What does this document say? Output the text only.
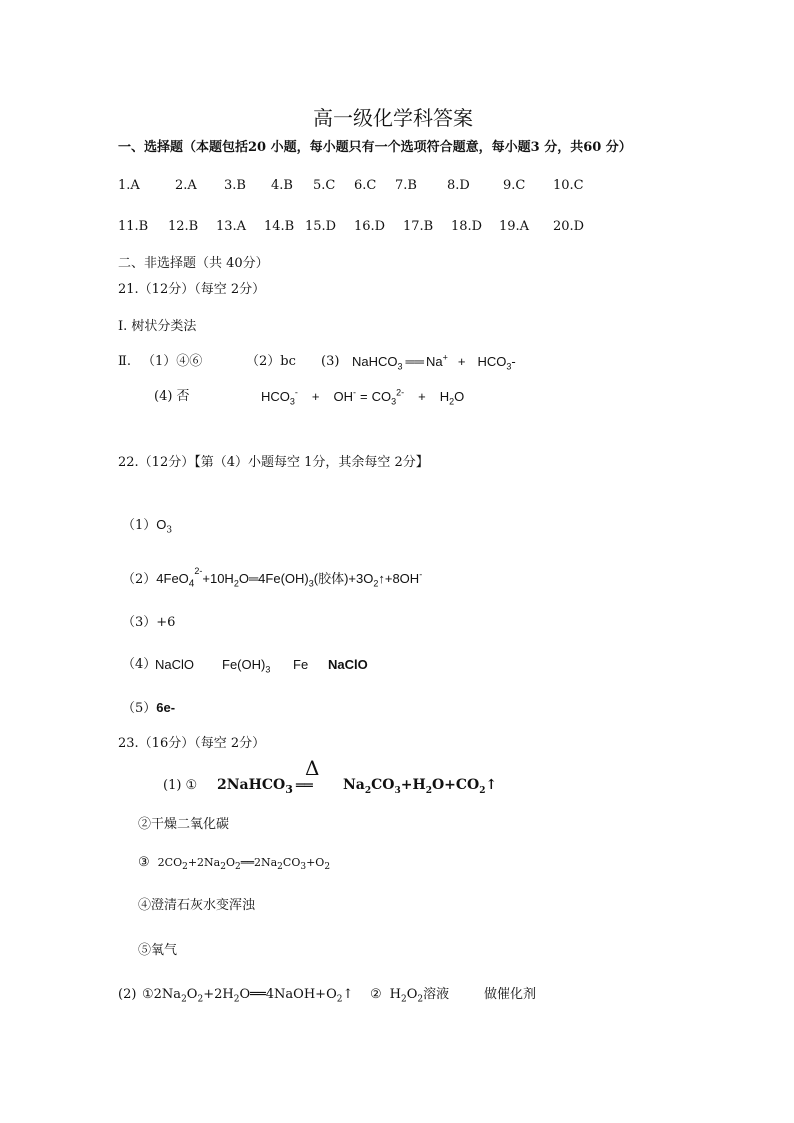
高一级化学科答案
一、选择题（本题包括20 小题，每小题只有一个选项符合题意，每小题3 分，共60 分）
1.A	2.A 3.B 4.B 5.C 6.C 7.B 8.D	9.C 10.C
11.B 12.B 13.A 14.B 15.D 16.D 17.B 18.D 19.A 20.D
二、非选择题（共 40分）
21.（12分）（每空 2分）
Ⅰ. 树状分类法
Ⅱ. （1）④⑥	（2）bc (3) NaHCO$_3$ ══ $Na^+ + HCO_3-$
(4) 否	$HCO_3^- + OH^- = CO_3^{2-} + H_2O$
22.（12分）【第（4）小题每空 1分，其余每空 2分】
$(1)O_3$
$(2)4FeO_4^{2-}+10H_2O═4Fe(OH)_3$(胶体)$+3O_2↑+8OH^-$
（3）+6
（4）
NaClO $Fe(OH)_3$ Fe NaClO
（5）6e-
23.（16分）（每空 2分）
(1) ① 2NaHCO$_3$
Δ
══ $Na_2CO_3+H_2O+CO_2↑$
②干燥二氧化碳
③ $2CO_2+2Na_2O_2══2Na_2CO_3+O_2$
④澄清石灰水变浑浊
⑤氧气
(2) $①2Na_2O_2+2H_2O══4NaOH+O_2↑$ ② $H_2O_2$溶液	做催化剂
